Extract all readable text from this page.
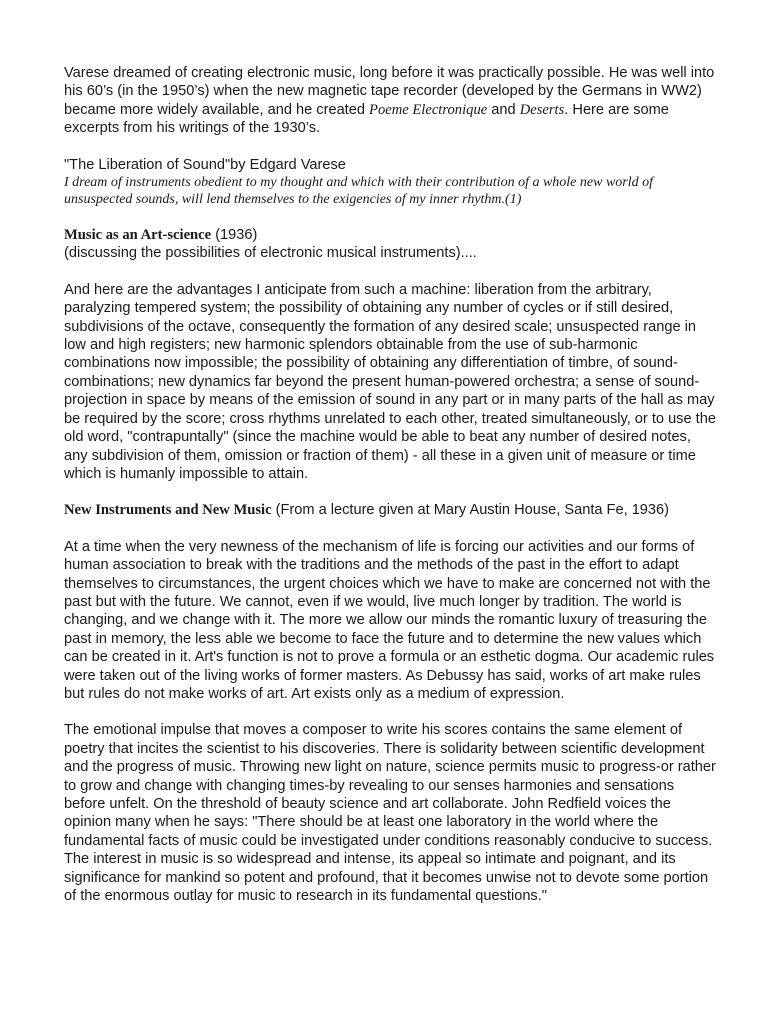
Varese dreamed of creating electronic music, long before it was practically possible. He was well into his 60’s (in the 1950’s) when the new magnetic tape recorder (developed by the Germans in WW2) became more widely available, and he created Poeme Electronique and Deserts. Here are some excerpts from his writings of the 1930’s.

"The Liberation of Sound"by Edgard Varese

I dream of instruments obedient to my thought and which with their contribution of a whole new world of unsuspected sounds, will lend themselves to the exigencies of my inner rhythm.(1)

Music as an Art-science (1936)

(discussing the possibilities of electronic musical instruments)....

And here are the advantages I anticipate from such a machine: liberation from the arbitrary, paralyzing tempered system; the possibility of obtaining any number of cycles or if still desired, subdivisions of the octave, consequently the formation of any desired scale; unsuspected range in low and high registers; new harmonic splendors obtainable from the use of sub-harmonic combinations now impossible; the possibility of obtaining any differentiation of timbre, of sound-combinations; new dynamics far beyond the present human-powered orchestra; a sense of sound-projection in space by means of the emission of sound in any part or in many parts of the hall as may be required by the score; cross rhythms unrelated to each other, treated simultaneously, or to use the old word, "contrapuntally" (since the machine would be able to beat any number of desired notes, any subdivision of them, omission or fraction of them) - all these in a given unit of measure or time which is humanly impossible to attain.

New Instruments and New Music (From a lecture given at Mary Austin House, Santa Fe, 1936)

At a time when the very newness of the mechanism of life is forcing our activities and our forms of human association to break with the traditions and the methods of the past in the effort to adapt themselves to circumstances, the urgent choices which we have to make are concerned not with the past but with the future. We cannot, even if we would, live much longer by tradition. The world is changing, and we change with it. The more we allow our minds the romantic luxury of treasuring the past in memory, the less able we become to face the future and to determine the new values which can be created in it. Art's function is not to prove a formula or an esthetic dogma. Our academic rules were taken out of the living works of former masters. As Debussy has said, works of art make rules but rules do not make works of art. Art exists only as a medium of expression.

The emotional impulse that moves a composer to write his scores contains the same element of poetry that incites the scientist to his discoveries. There is solidarity between scientific development and the progress of music. Throwing new light on nature, science permits music to progress-or rather to grow and change with changing times-by revealing to our senses harmonies and sensations before unfelt. On the threshold of beauty science and art collaborate. John Redfield voices the opinion many when he says: "There should be at least one laboratory in the world where the fundamental facts of music could be investigated under conditions reasonably conducive to success. The interest in music is so widespread and intense, its appeal so intimate and poignant, and its significance for mankind so potent and profound, that it becomes unwise not to devote some portion of the enormous outlay for music to research in its fundamental questions."
